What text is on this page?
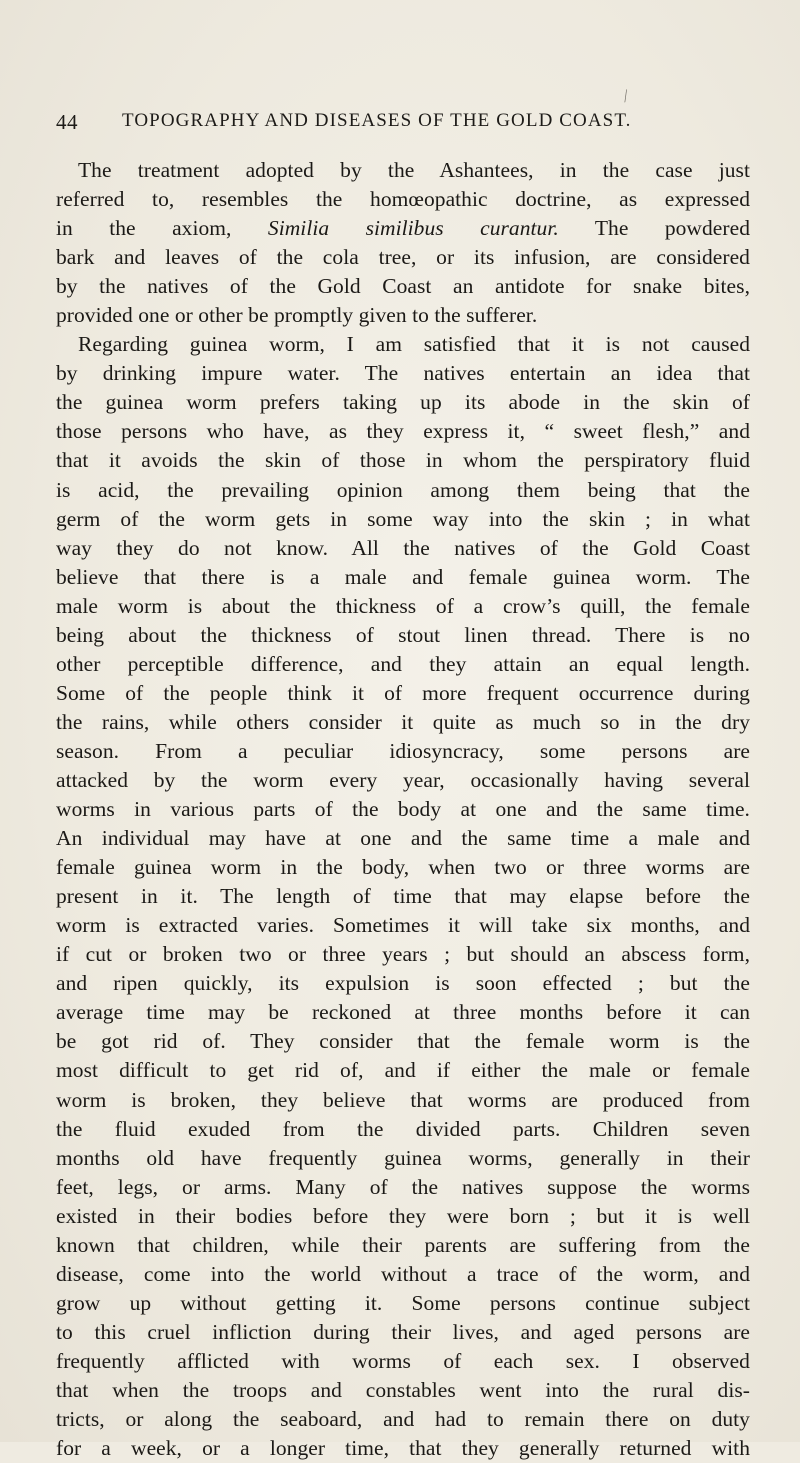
44 TOPOGRAPHY AND DISEASES OF THE GOLD COAST.
⁄
The treatment adopted by the Ashantees, in the case just
referred to, resembles the homœopathic doctrine, as expressed
in the axiom, Similia similibus curantur. The powdered
bark and leaves of the cola tree, or its infusion, are considered
by the natives of the Gold Coast an antidote for snake bites,
provided one or other be promptly given to the sufferer.
Regarding guinea worm, I am satisfied that it is not caused
by drinking impure water. The natives entertain an idea that
the guinea worm prefers taking up its abode in the skin of
those persons who have, as they express it, “ sweet flesh,” and
that it avoids the skin of those in whom the perspiratory fluid
is acid, the prevailing opinion among them being that the
germ of the worm gets in some way into the skin ; in what
way they do not know. All the natives of the Gold Coast
believe that there is a male and female guinea worm. The
male worm is about the thickness of a crow’s quill, the female
being about the thickness of stout linen thread. There is no
other perceptible difference, and they attain an equal length.
Some of the people think it of more frequent occurrence during
the rains, while others consider it quite as much so in the dry
season. From a peculiar idiosyncracy, some persons are
attacked by the worm every year, occasionally having several
worms in various parts of the body at one and the same time.
An individual may have at one and the same time a male and
female guinea worm in the body, when two or three worms are
present in it. The length of time that may elapse before the
worm is extracted varies. Sometimes it will take six months, and
if cut or broken two or three years ; but should an abscess form,
and ripen quickly, its expulsion is soon effected ; but the
average time may be reckoned at three months before it can
be got rid of. They consider that the female worm is the
most difficult to get rid of, and if either the male or female
worm is broken, they believe that worms are produced from
the fluid exuded from the divided parts. Children seven
months old have frequently guinea worms, generally in their
feet, legs, or arms. Many of the natives suppose the worms
existed in their bodies before they were born ; but it is well
known that children, while their parents are suffering from the
disease, come into the world without a trace of the worm, and
grow up without getting it. Some persons continue subject
to this cruel infliction during their lives, and aged persons are
frequently afflicted with worms of each sex. I observed
that when the troops and constables went into the rural dis-
tricts, or along the seaboard, and had to remain there on duty
for a week, or a longer time, that they generally returned with
